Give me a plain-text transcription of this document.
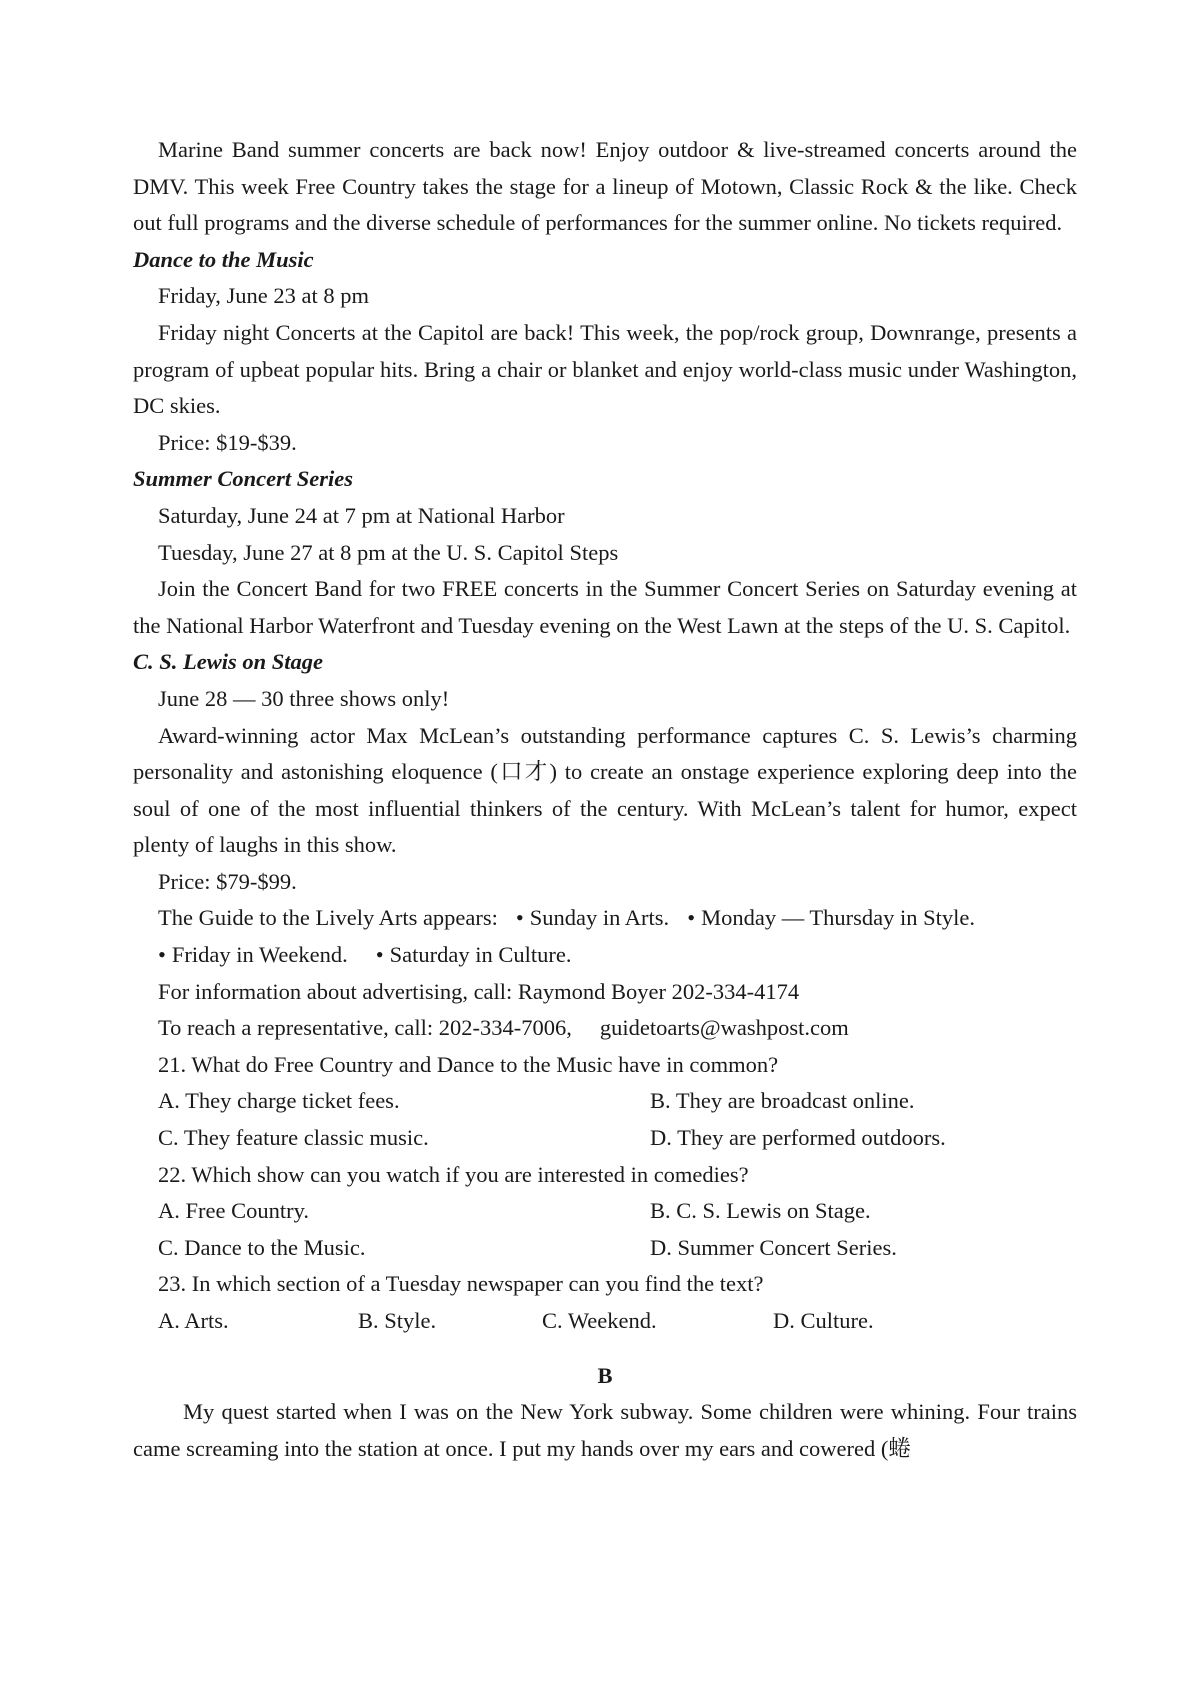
Marine Band summer concerts are back now! Enjoy outdoor & live-streamed concerts around the DMV. This week Free Country takes the stage for a lineup of Motown, Classic Rock & the like. Check out full programs and the diverse schedule of performances for the summer online. No tickets required.

Dance to the Music

Friday, June 23 at 8 pm

Friday night Concerts at the Capitol are back! This week, the pop/rock group, Downrange, presents a program of upbeat popular hits. Bring a chair or blanket and enjoy world-class music under Washington, DC skies.

Price: $19-$39.

Summer Concert Series

Saturday, June 24 at 7 pm at National Harbor

Tuesday, June 27 at 8 pm at the U. S. Capitol Steps

Join the Concert Band for two FREE concerts in the Summer Concert Series on Saturday evening at the National Harbor Waterfront and Tuesday evening on the West Lawn at the steps of the U. S. Capitol.

C. S. Lewis on Stage

June 28 — 30 three shows only!

Award-winning actor Max McLean’s outstanding performance captures C. S. Lewis’s charming personality and astonishing eloquence (口才) to create an onstage experience exploring deep into the soul of one of the most influential thinkers of the century. With McLean’s talent for humor, expect plenty of laughs in this show.

Price: $79-$99.

The Guide to the Lively Arts appears: • Sunday in Arts. • Monday — Thursday in Style.

• Friday in Weekend. • Saturday in Culture.

For information about advertising, call: Raymond Boyer 202-334-4174

To reach a representative, call: 202-334-7006, guidetoarts@washpost.com

21. What do Free Country and Dance to the Music have in common?

A. They charge ticket fees.	B. They are broadcast online.
C. They feature classic music.	D. They are performed outdoors.

22. Which show can you watch if you are interested in comedies?

A. Free Country.	B. C. S. Lewis on Stage.
C. Dance to the Music.	D. Summer Concert Series.

23. In which section of a Tuesday newspaper can you find the text?

A. Arts.	B. Style.	C. Weekend.	D. Culture.

B

My quest started when I was on the New York subway. Some children were whining. Four trains came screaming into the station at once. I put my hands over my ears and cowered (蜷
